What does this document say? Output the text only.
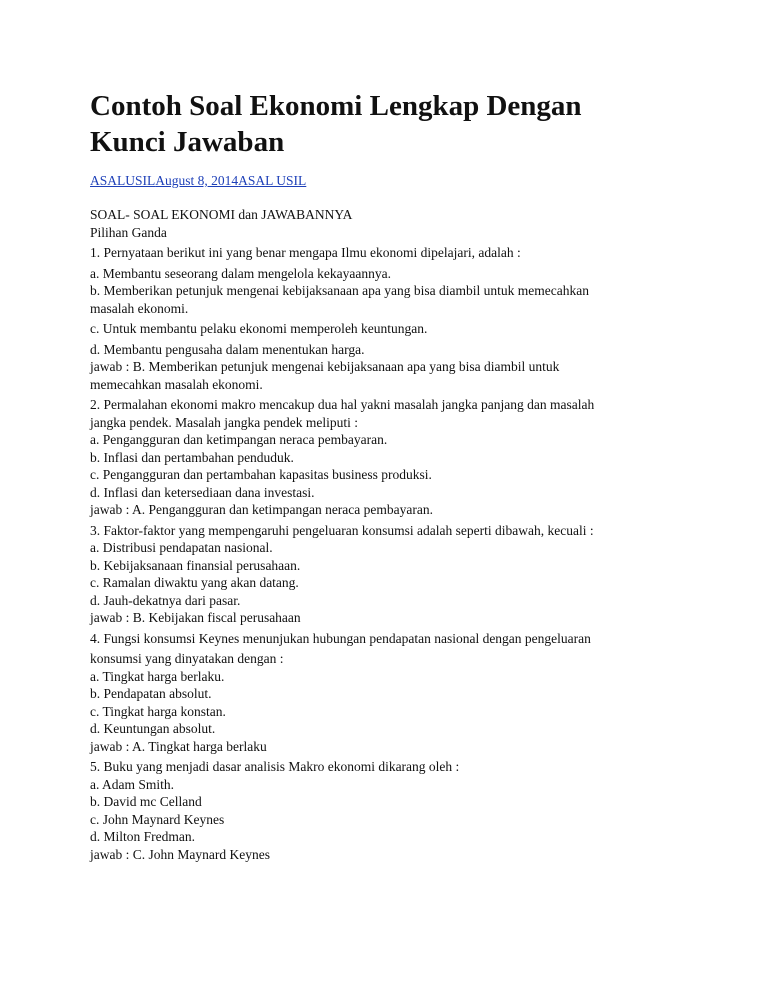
Contoh Soal Ekonomi Lengkap Dengan
Kunci Jawaban
ASALUSILAugust 8, 2014ASAL USIL
SOAL- SOAL EKONOMI dan JAWABANNYA
Pilihan Ganda
1. Pernyataan berikut ini yang benar mengapa Ilmu ekonomi dipelajari, adalah :
a. Membantu seseorang dalam mengelola kekayaannya.
b. Memberikan petunjuk mengenai kebijaksanaan apa yang bisa diambil untuk memecahkan
masalah ekonomi.
c. Untuk membantu pelaku ekonomi memperoleh keuntungan.
d. Membantu pengusaha dalam menentukan harga.
jawab : B. Memberikan petunjuk mengenai kebijaksanaan apa yang bisa diambil untuk
memecahkan masalah ekonomi.
2. Permalahan ekonomi makro mencakup dua hal yakni masalah jangka panjang dan masalah
jangka pendek. Masalah jangka pendek meliputi :
a. Pengangguran dan ketimpangan neraca pembayaran.
b. Inflasi dan pertambahan penduduk.
c. Pengangguran dan pertambahan kapasitas business produksi.
d. Inflasi dan ketersediaan dana investasi.
jawab : A. Pengangguran dan ketimpangan neraca pembayaran.
3. Faktor-faktor yang mempengaruhi pengeluaran konsumsi adalah seperti dibawah, kecuali :
a. Distribusi pendapatan nasional.
b. Kebijaksanaan finansial perusahaan.
c. Ramalan diwaktu yang akan datang.
d. Jauh-dekatnya dari pasar.
jawab : B. Kebijakan fiscal perusahaan
4. Fungsi konsumsi Keynes menunjukan hubungan pendapatan nasional dengan pengeluaran
konsumsi yang dinyatakan dengan :
a. Tingkat harga berlaku.
b. Pendapatan absolut.
c. Tingkat harga konstan.
d. Keuntungan absolut.
jawab : A. Tingkat harga berlaku
5. Buku yang menjadi dasar analisis Makro ekonomi dikarang oleh :
a. Adam Smith.
b. David mc Celland
c. John Maynard Keynes
d. Milton Fredman.
jawab : C. John Maynard Keynes
